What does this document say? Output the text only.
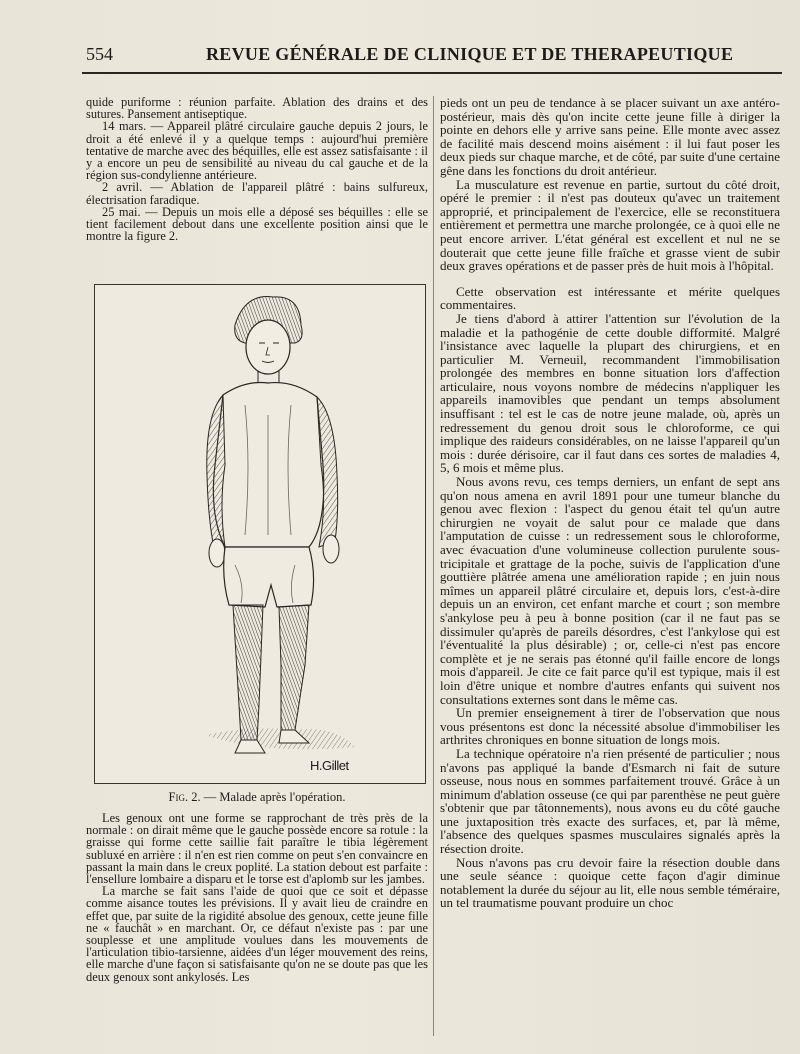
554	REVUE GÉNÉRALE DE CLINIQUE ET DE THERAPEUTIQUE

quide puriforme : réunion parfaite. Ablation des drains et des sutures. Pansement antiseptique.

14 mars. — Appareil plâtré circulaire gauche depuis 2 jours, le droit a été enlevé il y a quelque temps : aujourd'hui première tentative de marche avec des béquilles, elle est assez satisfaisante : il y a encore un peu de sensibilité au niveau du cal gauche et de la région sus-condylienne antérieure.

2 avril. — Ablation de l'appareil plâtré : bains sulfureux, électrisation faradique.

25 mai. — Depuis un mois elle a déposé ses béquilles : elle se tient facilement debout dans une excellente position ainsi que le montre la figure 2.

H.Gillet
Fig. 2. — Malade après l'opération.

Les genoux ont une forme se rapprochant de très près de la normale : on dirait même que le gauche possède encore sa rotule : la graisse qui forme cette saillie fait paraître le tibia légèrement subluxé en arrière : il n'en est rien comme on peut s'en convaincre en passant la main dans le creux poplité. La station debout est parfaite : l'ensellure lombaire a disparu et le torse est d'aplomb sur les jambes.

La marche se fait sans l'aide de quoi que ce soit et dépasse comme aisance toutes les prévisions. Il y avait lieu de craindre en effet que, par suite de la rigidité absolue des genoux, cette jeune fille ne « fauchât » en marchant. Or, ce défaut n'existe pas : par une souplesse et une amplitude voulues dans les mouvements de l'articulation tibio-tarsienne, aidées d'un léger mouvement des reins, elle marche d'une façon si satisfaisante qu'on ne se doute pas que les deux genoux sont ankylosés. Les

pieds ont un peu de tendance à se placer suivant un axe antéro-postérieur, mais dès qu'on incite cette jeune fille à diriger la pointe en dehors elle y arrive sans peine. Elle monte avec assez de facilité mais descend moins aisément : il lui faut poser les deux pieds sur chaque marche, et de côté, par suite d'une certaine gêne dans les fonctions du droit antérieur.

La musculature est revenue en partie, surtout du côté droit, opéré le premier : il n'est pas douteux qu'avec un traitement approprié, et principalement de l'exercice, elle se reconstituera entièrement et permettra une marche prolongée, ce à quoi elle ne peut encore arriver. L'état général est excellent et nul ne se douterait que cette jeune fille fraîche et grasse vient de subir deux graves opérations et de passer près de huit mois à l'hôpital.

Cette observation est intéressante et mérite quelques commentaires.

Je tiens d'abord à attirer l'attention sur l'évolution de la maladie et la pathogénie de cette double difformité. Malgré l'insistance avec laquelle la plupart des chirurgiens, et en particulier M. Verneuil, recommandent l'immobilisation prolongée des membres en bonne situation lors d'affection articulaire, nous voyons nombre de médecins n'appliquer les appareils inamovibles que pendant un temps absolument insuffisant : tel est le cas de notre jeune malade, où, après un redressement du genou droit sous le chloroforme, ce qui implique des raideurs considérables, on ne laisse l'appareil qu'un mois : durée dérisoire, car il faut dans ces sortes de maladies 4, 5, 6 mois et même plus.

Nous avons revu, ces temps derniers, un enfant de sept ans qu'on nous amena en avril 1891 pour une tumeur blanche du genou avec flexion : l'aspect du genou était tel qu'un autre chirurgien ne voyait de salut pour ce malade que dans l'amputation de cuisse : un redressement sous le chloroforme, avec évacuation d'une volumineuse collection purulente sous-tricipitale et grattage de la poche, suivis de l'application d'une gouttière plâtrée amena une amélioration rapide ; en juin nous mîmes un appareil plâtré circulaire et, depuis lors, c'est-à-dire depuis un an environ, cet enfant marche et court ; son membre s'ankylose peu à peu à bonne position (car il ne faut pas se dissimuler qu'après de pareils désordres, c'est l'ankylose qui est l'éventualité la plus désirable) ; or, celle-ci n'est pas encore complète et je ne serais pas étonné qu'il faille encore de longs mois d'appareil. Je cite ce fait parce qu'il est typique, mais il est loin d'être unique et nombre d'autres enfants qui suivent nos consultations externes sont dans le même cas.

Un premier enseignement à tirer de l'observation que nous vous présentons est donc la nécessité absolue d'immobiliser les arthrites chroniques en bonne situation de longs mois.

La technique opératoire n'a rien présenté de particulier ; nous n'avons pas appliqué la bande d'Esmarch ni fait de suture osseuse, nous nous en sommes parfaitement trouvé. Grâce à un minimum d'ablation osseuse (ce qui par parenthèse ne peut guère s'obtenir que par tâtonnements), nous avons eu du côté gauche une juxtaposition très exacte des surfaces, et, par là même, l'absence des quelques spasmes musculaires signalés après la résection droite.

Nous n'avons pas cru devoir faire la résection double dans une seule séance : quoique cette façon d'agir diminue notablement la durée du séjour au lit, elle nous semble téméraire, un tel traumatisme pouvant produire un choc
